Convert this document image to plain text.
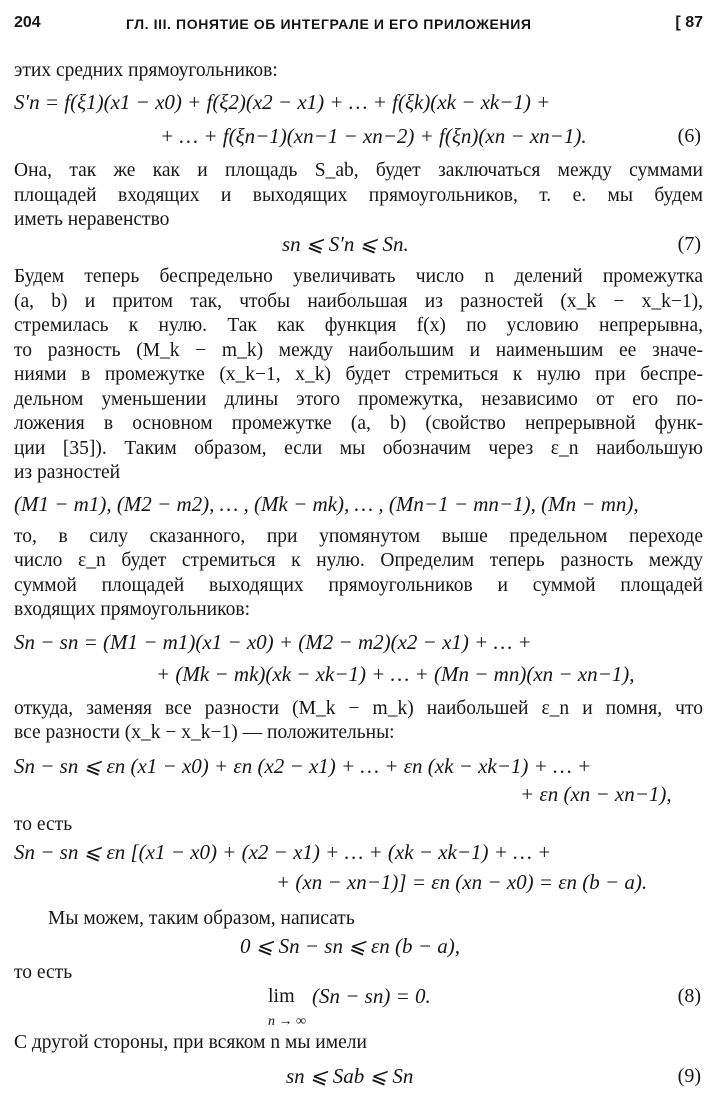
204	ГЛ. III. ПОНЯТИЕ ОБ ИНТЕГРАЛЕ И ЕГО ПРИЛОЖЕНИЯ	[ 87
этих средних прямоугольников:
S′n = f(ξ1)(x1 − x0) + f(ξ2)(x2 − x1) + … + f(ξk)(xk − xk−1) +
+ … + f(ξn−1)(xn−1 − xn−2) + f(ξn)(xn − xn−1).	(6)
Она, так же как и площадь S_ab, будет заключаться между суммами
площадей входящих и выходящих прямоугольников, т. е. мы будем
иметь неравенство
sn ⩽ S′n ⩽ Sn.	(7)
Будем теперь беспредельно увеличивать число n делений промежутка
(a, b) и притом так, чтобы наибольшая из разностей (x_k − x_k−1),
стремилась к нулю. Так как функция f(x) по условию непрерывна,
то разность (M_k − m_k) между наибольшим и наименьшим ее значе-
ниями в промежутке (x_k−1, x_k) будет стремиться к нулю при беспре-
дельном уменьшении длины этого промежутка, независимо от его по-
ложения в основном промежутке (a, b) (свойство непрерывной функ-
ции [35]). Таким образом, если мы обозначим через ε_n наибольшую
из разностей
(M1 − m1), (M2 − m2), … , (Mk − mk), … , (Mn−1 − mn−1), (Mn − mn),
то, в силу сказанного, при упомянутом выше предельном переходе
число ε_n будет стремиться к нулю. Определим теперь разность между
суммой площадей выходящих прямоугольников и суммой площадей
входящих прямоугольников:
Sn − sn = (M1 − m1)(x1 − x0) + (M2 − m2)(x2 − x1) + … +
+ (Mk − mk)(xk − xk−1) + … + (Mn − mn)(xn − xn−1),
откуда, заменяя все разности (M_k − m_k) наибольшей ε_n и помня, что
все разности (x_k − x_k−1) — положительны:
Sn − sn ⩽ εn (x1 − x0) + εn (x2 − x1) + … + εn (xk − xk−1) + … +
+ εn (xn − xn−1),
то есть
Sn − sn ⩽ εn [(x1 − x0) + (x2 − x1) + … + (xk − xk−1) + … +
+ (xn − xn−1)] = εn (xn − x0) = εn (b − a).
Мы можем, таким образом, написать
0 ⩽ Sn − sn ⩽ εn (b − a),
то есть
lim
n → ∞
(Sn − sn) = 0.	(8)
С другой стороны, при всяком n мы имели
sn ⩽ Sab ⩽ Sn	(9)
